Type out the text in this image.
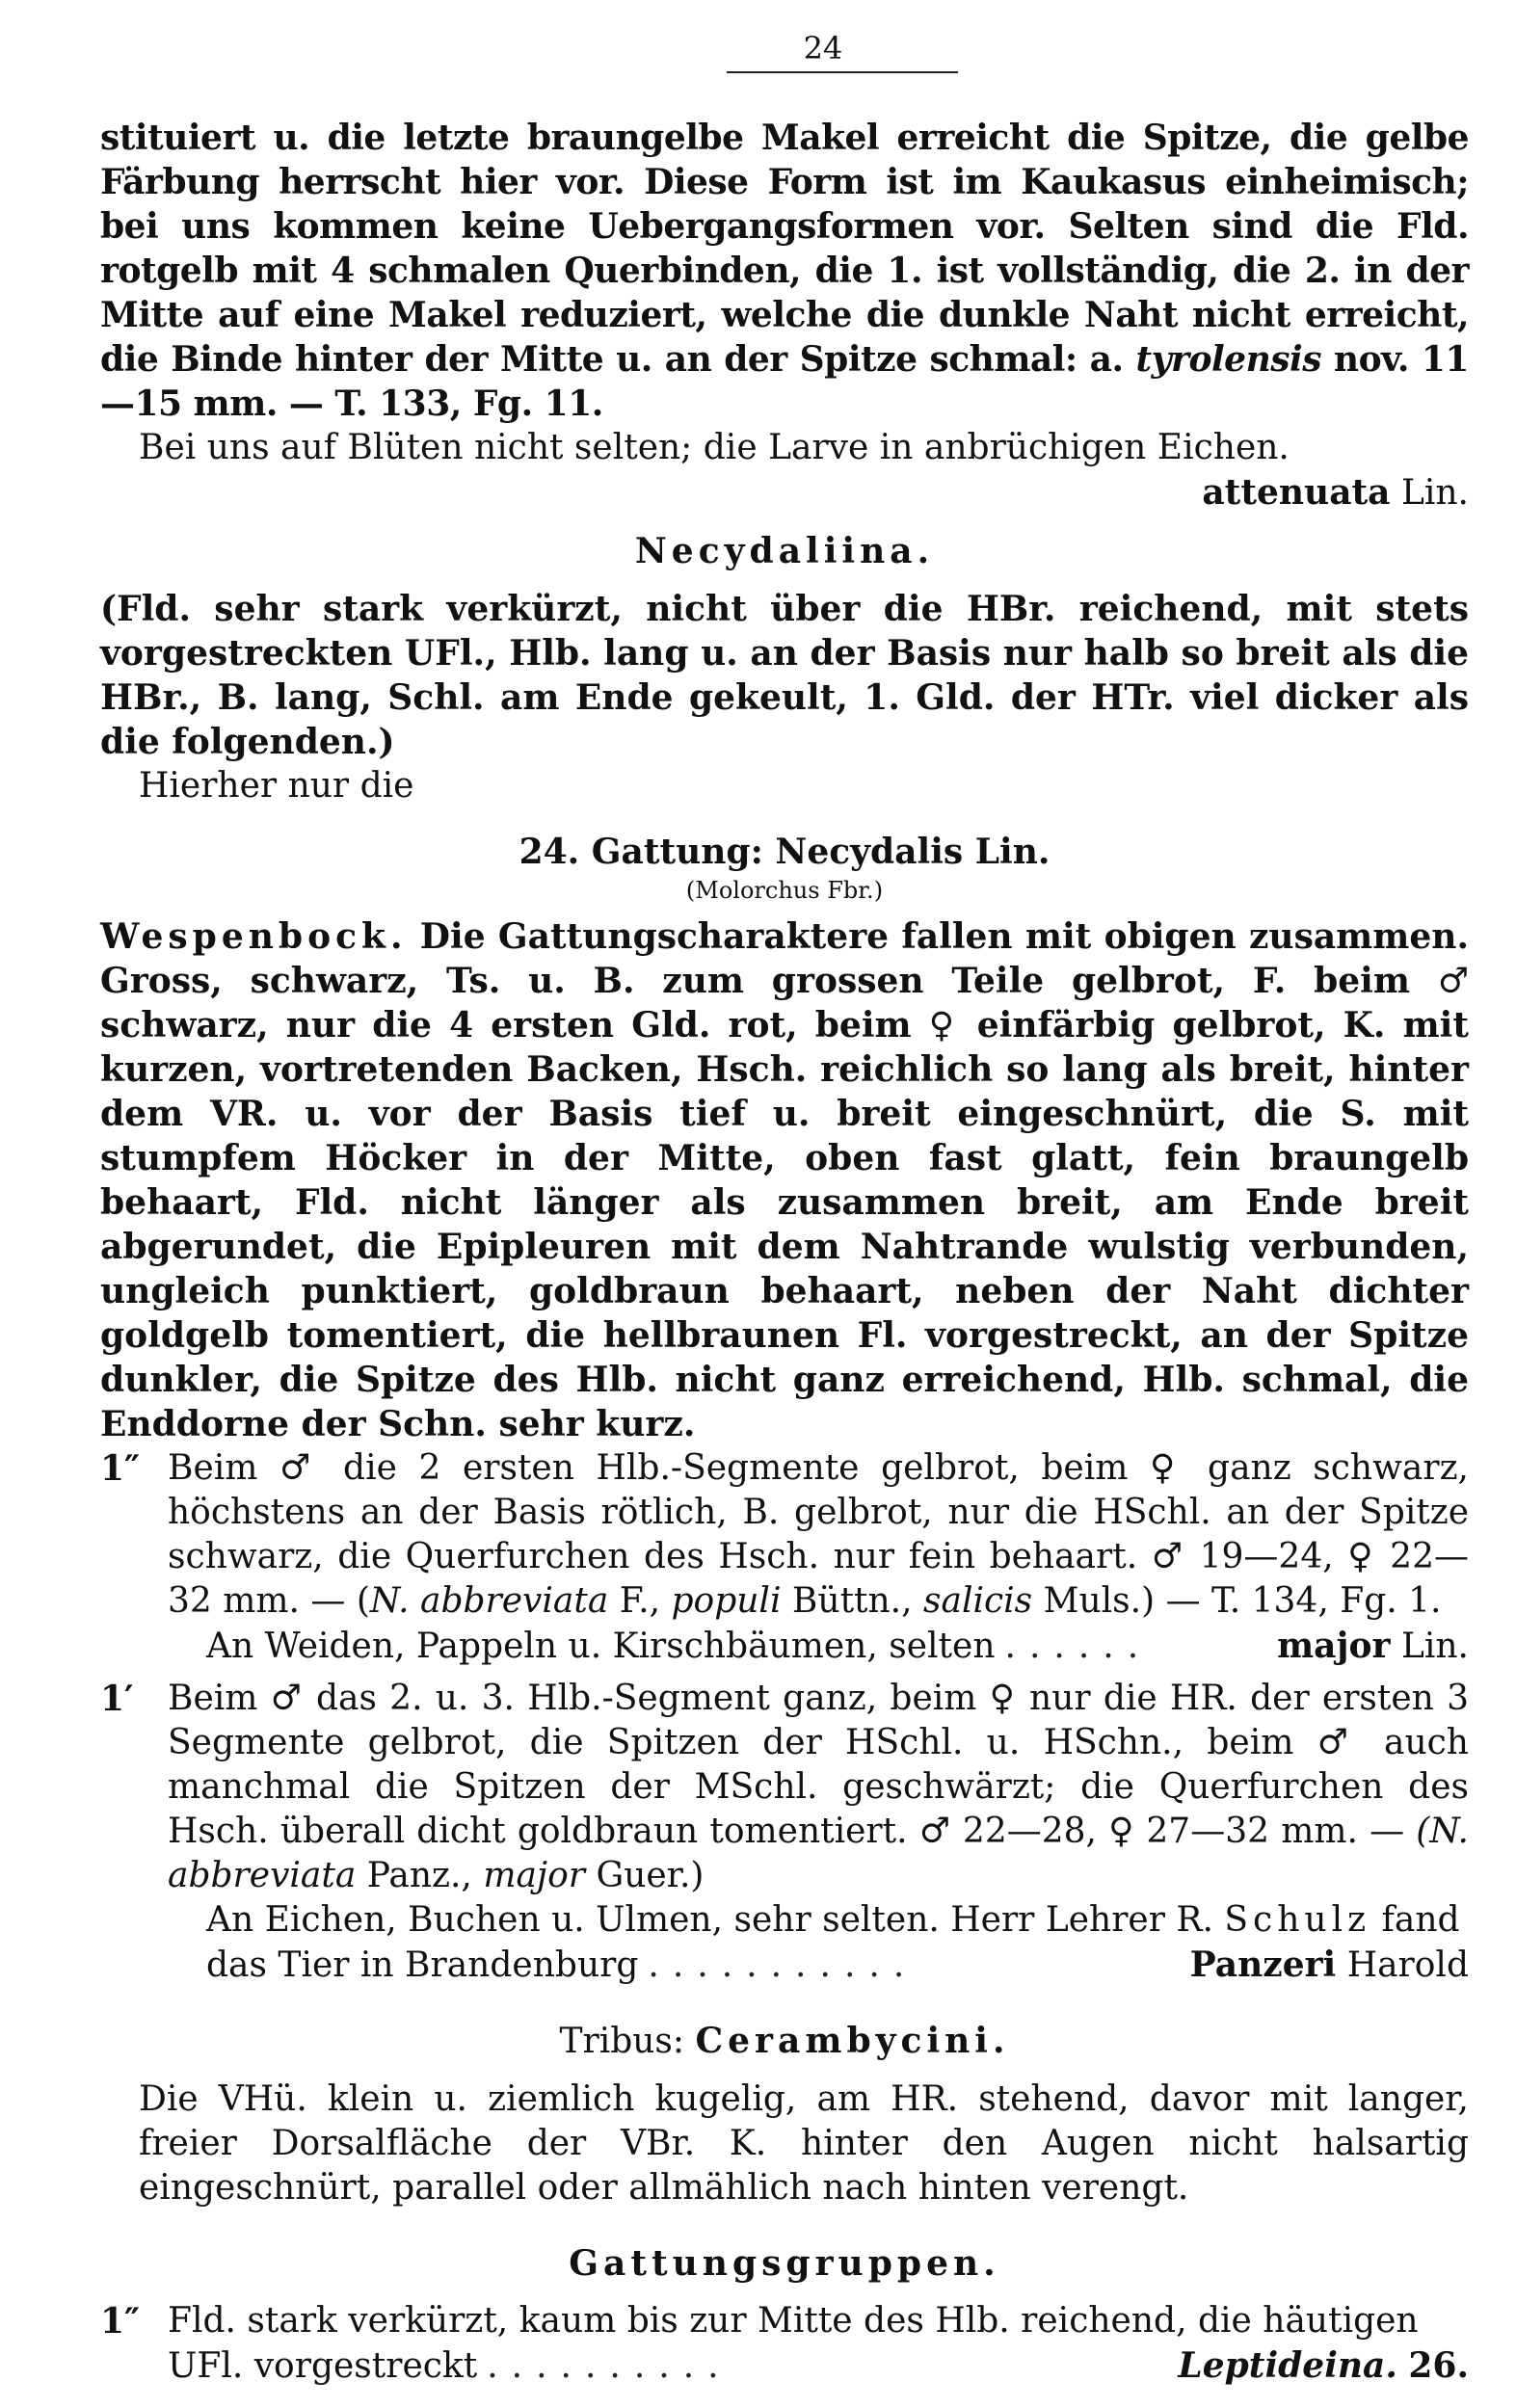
24

stituiert u. die letzte braungelbe Makel erreicht die Spitze, die gelbe Färbung herrscht hier vor. Diese Form ist im Kaukasus einheimisch; bei uns kommen keine Uebergangsformen vor. Selten sind die Fld. rotgelb mit 4 schmalen Querbinden, die 1. ist vollständig, die 2. in der Mitte auf eine Makel reduziert, welche die dunkle Naht nicht erreicht, die Binde hinter der Mitte u. an der Spitze schmal: a. tyrolensis nov. 11—15 mm. — T. 133, Fg. 11.

Bei uns auf Blüten nicht selten; die Larve in anbrüchigen Eichen.

attenuata Lin.

Necydaliina.

(Fld. sehr stark verkürzt, nicht über die HBr. reichend, mit stets vorgestreckten UFl., Hlb. lang u. an der Basis nur halb so breit als die HBr., B. lang, Schl. am Ende gekeult, 1. Gld. der HTr. viel dicker als die folgenden.)

Hierher nur die

24. Gattung: Necydalis Lin.

(Molorchus Fbr.)

Wespenbock. Die Gattungscharaktere fallen mit obigen zusammen. Gross, schwarz, Ts. u. B. zum grossen Teile gelbrot, F. beim ♂ schwarz, nur die 4 ersten Gld. rot, beim ♀ einfärbig gelbrot, K. mit kurzen, vortretenden Backen, Hsch. reichlich so lang als breit, hinter dem VR. u. vor der Basis tief u. breit eingeschnürt, die S. mit stumpfem Höcker in der Mitte, oben fast glatt, fein braungelb behaart, Fld. nicht länger als zusammen breit, am Ende breit abgerundet, die Epipleuren mit dem Nahtrande wulstig verbunden, ungleich punktiert, goldbraun behaart, neben der Naht dichter goldgelb tomentiert, die hellbraunen Fl. vorgestreckt, an der Spitze dunkler, die Spitze des Hlb. nicht ganz erreichend, Hlb. schmal, die Enddorne der Schn. sehr kurz.

1″ Beim ♂ die 2 ersten Hlb.-Segmente gelbrot, beim ♀ ganz schwarz, höchstens an der Basis rötlich, B. gelbrot, nur die HSchl. an der Spitze schwarz, die Querfurchen des Hsch. nur fein behaart. ♂ 19—24, ♀ 22—32 mm. — (N. abbreviata F., populi Büttn., salicis Muls.) — T. 134, Fg. 1.

An Weiden, Pappeln u. Kirschbäumen, selten ......	major Lin.
1′ Beim ♂ das 2. u. 3. Hlb.-Segment ganz, beim ♀ nur die HR. der ersten 3 Segmente gelbrot, die Spitzen der HSchl. u. HSchn., beim ♂ auch manchmal die Spitzen der MSchl. geschwärzt; die Querfurchen des Hsch. überall dicht goldbraun tomentiert. ♂ 22—28, ♀ 27—32 mm. — (N. abbreviata Panz., major Guer.)

An Eichen, Buchen u. Ulmen, sehr selten. Herr Lehrer R. Schulz fand

das Tier in Brandenburg ...........	Panzeri Harold

Tribus: Cerambycini.

Die VHü. klein u. ziemlich kugelig, am HR. stehend, davor mit langer, freier Dorsalfläche der VBr. K. hinter den Augen nicht halsartig eingeschnürt, parallel oder allmählich nach hinten verengt.

Gattungsgruppen.

1″ Fld. stark verkürzt, kaum bis zur Mitte des Hlb. reichend, die häutigen

UFl. vorgestreckt ..........	Leptideina. 26.
